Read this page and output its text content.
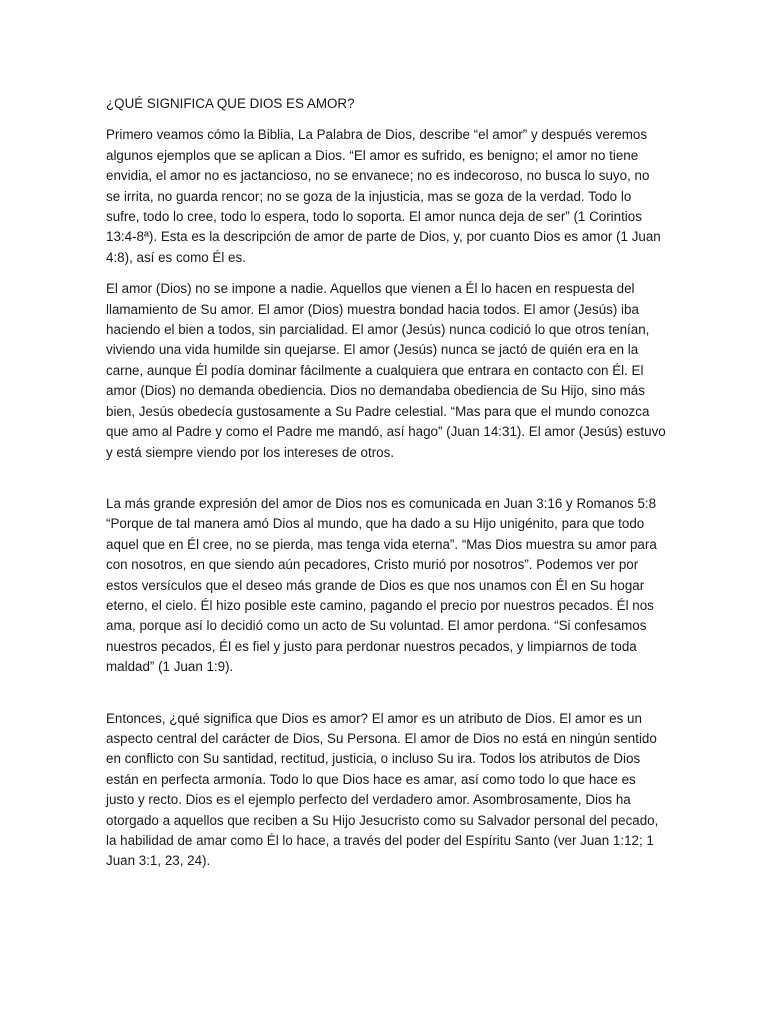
¿QUÉ SIGNIFICA QUE DIOS ES AMOR?

Primero veamos cómo la Biblia, La Palabra de Dios, describe “el amor” y después veremos algunos ejemplos que se aplican a Dios. “El amor es sufrido, es benigno; el amor no tiene envidia, el amor no es jactancioso, no se envanece; no es indecoroso, no busca lo suyo, no se irrita, no guarda rencor; no se goza de la injusticia, mas se goza de la verdad. Todo lo sufre, todo lo cree, todo lo espera, todo lo soporta. El amor nunca deja de ser” (1 Corintios 13:4-8ª). Esta es la descripción de amor de parte de Dios, y, por cuanto Dios es amor (1 Juan 4:8), así es como Él es.

El amor (Dios) no se impone a nadie. Aquellos que vienen a Él lo hacen en respuesta del llamamiento de Su amor. El amor (Dios) muestra bondad hacia todos. El amor (Jesús) iba haciendo el bien a todos, sin parcialidad. El amor (Jesús) nunca codició lo que otros tenían, viviendo una vida humilde sin quejarse. El amor (Jesús) nunca se jactó de quién era en la carne, aunque Él podía dominar fácilmente a cualquiera que entrara en contacto con Él. El amor (Dios) no demanda obediencia. Dios no demandaba obediencia de Su Hijo, sino más bien, Jesús obedecía gustosamente a Su Padre celestial. “Mas para que el mundo conozca que amo al Padre y como el Padre me mandó, así hago” (Juan 14:31). El amor (Jesús) estuvo y está siempre viendo por los intereses de otros.

La más grande expresión del amor de Dios nos es comunicada en Juan 3:16 y Romanos 5:8 “Porque de tal manera amó Dios al mundo, que ha dado a su Hijo unigénito, para que todo aquel que en Él cree, no se pierda, mas tenga vida eterna”. “Mas Dios muestra su amor para con nosotros, en que siendo aún pecadores, Cristo murió por nosotros”. Podemos ver por estos versículos que el deseo más grande de Dios es que nos unamos con Él en Su hogar eterno, el cielo. Él hizo posible este camino, pagando el precio por nuestros pecados. Él nos ama, porque así lo decidió como un acto de Su voluntad. El amor perdona. “Si confesamos nuestros pecados, Él es fiel y justo para perdonar nuestros pecados, y limpiarnos de toda maldad” (1 Juan 1:9).

Entonces, ¿qué significa que Dios es amor? El amor es un atributo de Dios. El amor es un aspecto central del carácter de Dios, Su Persona. El amor de Dios no está en ningún sentido en conflicto con Su santidad, rectitud, justicia, o incluso Su ira. Todos los atributos de Dios están en perfecta armonía. Todo lo que Dios hace es amar, así como todo lo que hace es justo y recto. Dios es el ejemplo perfecto del verdadero amor. Asombrosamente, Dios ha otorgado a aquellos que reciben a Su Hijo Jesucristo como su Salvador personal del pecado, la habilidad de amar como Él lo hace, a través del poder del Espíritu Santo (ver Juan 1:12; 1 Juan 3:1, 23, 24).
